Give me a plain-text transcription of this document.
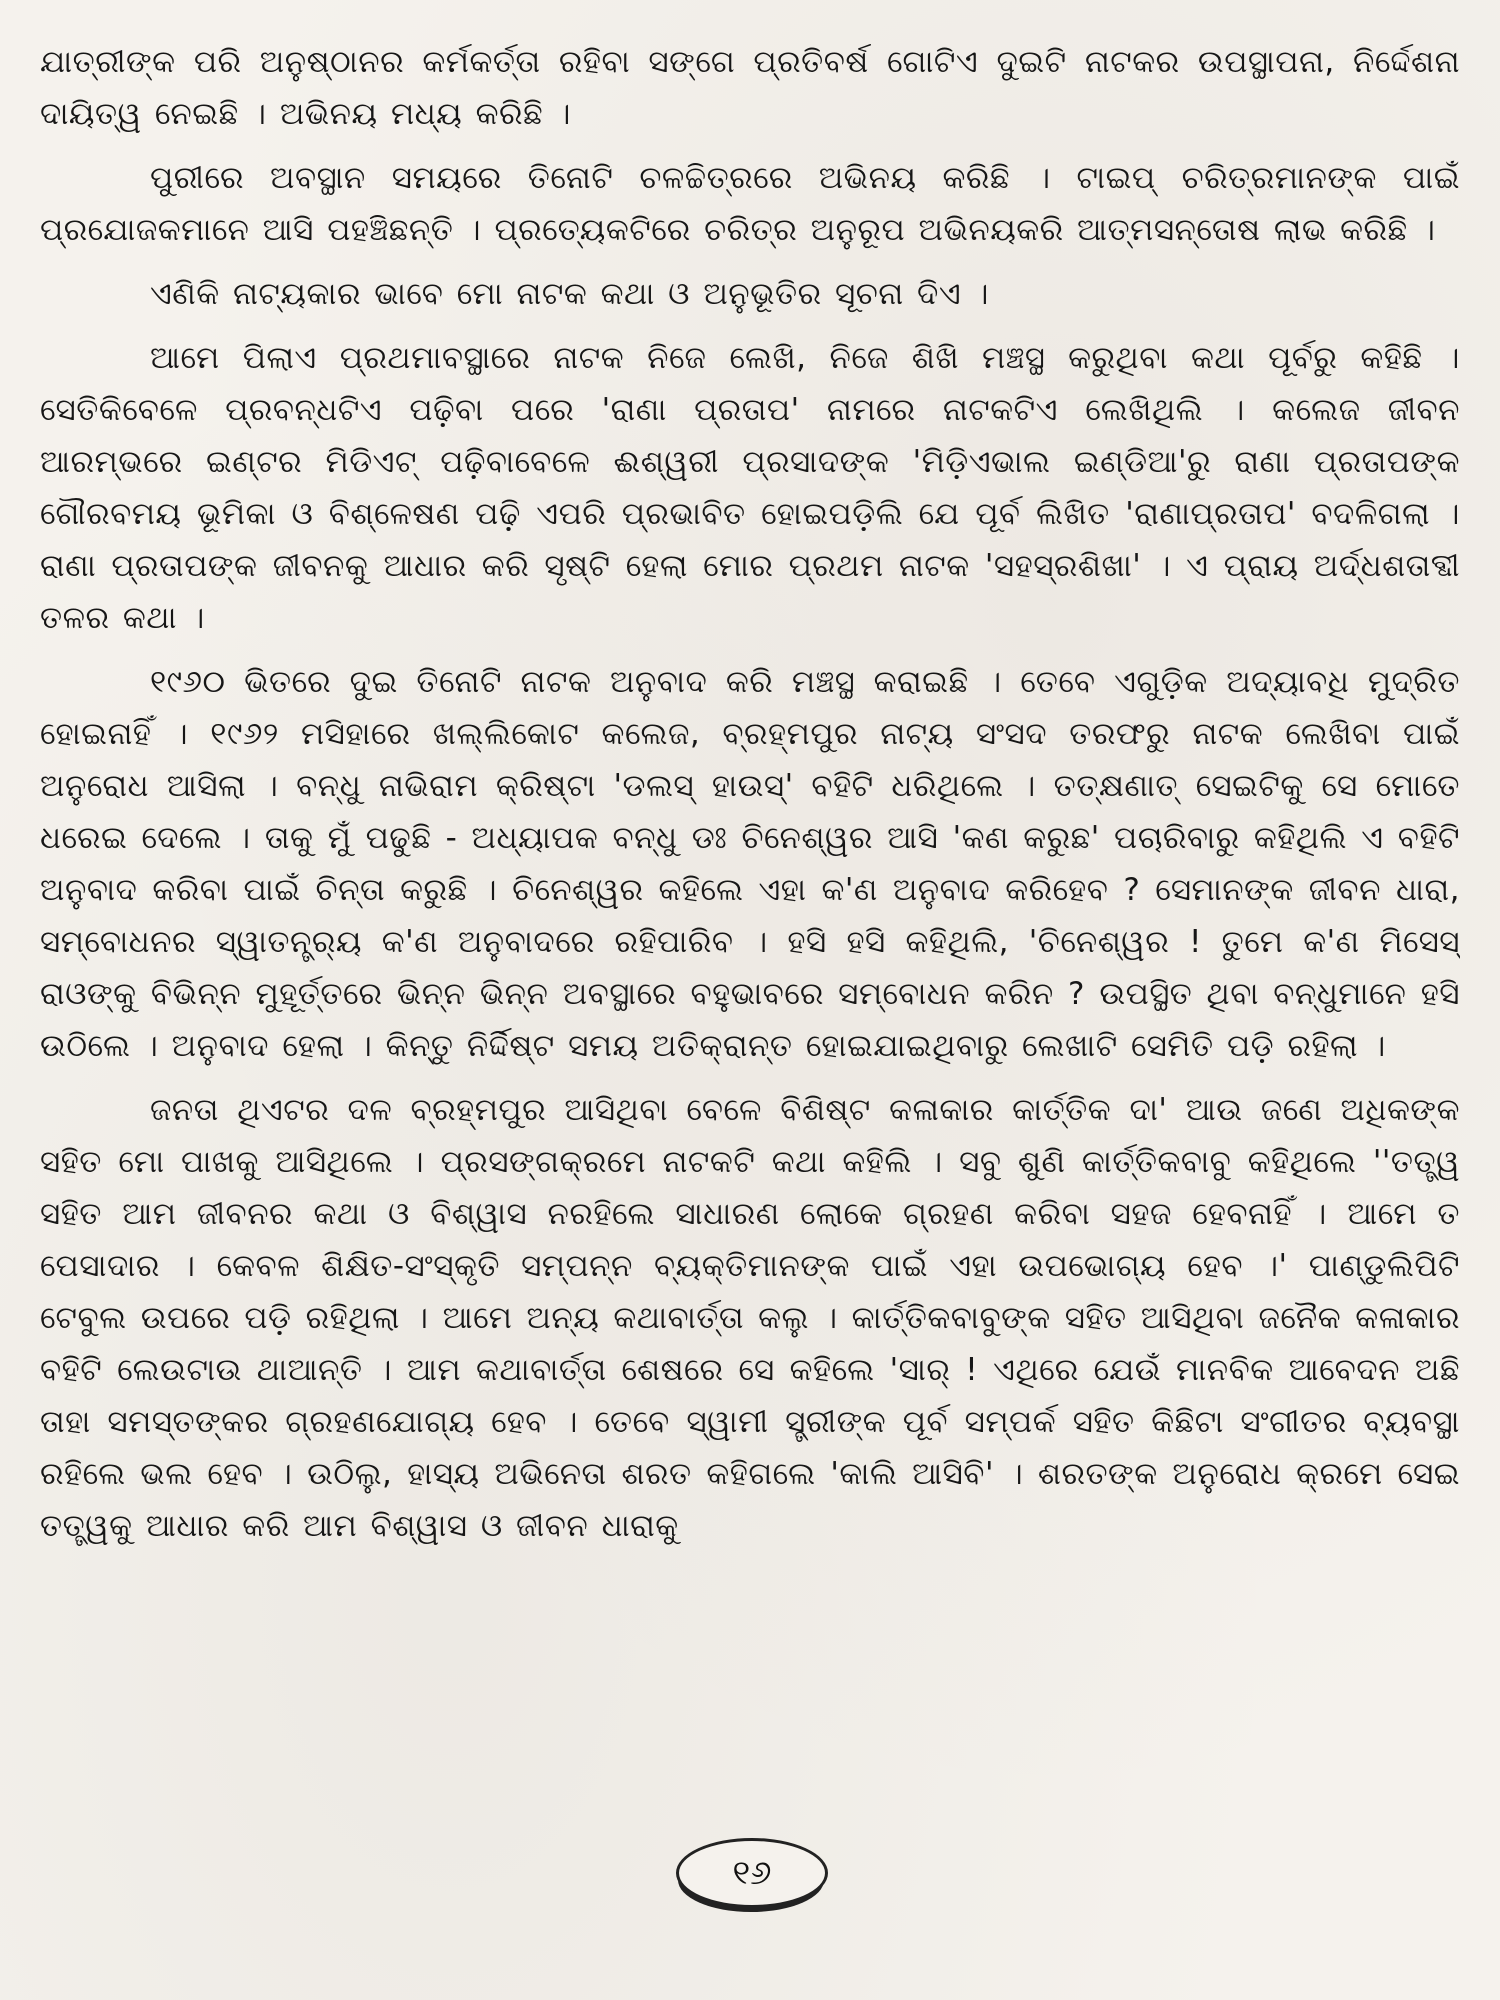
ଯାତ୍ରୀଙ୍କ ପରି ଅନୁଷ୍ଠାନର କର୍ମକର୍ତ୍ତା ରହିବା ସଙ୍ଗେ ପ୍ରତିବର୍ଷ ଗୋଟିଏ ଦୁଇଟି ନାଟକର ଉପସ୍ଥାପନା, ନିର୍ଦ୍ଦେଶନା ଦାୟିତ୍ୱ ନେଇଛି । ଅଭିନୟ ମଧ୍ୟ କରିଛି ।

ପୁରୀରେ ଅବସ୍ଥାନ ସମୟରେ ତିନୋଟି ଚଳଚ୍ଚିତ୍ରରେ ଅଭିନୟ କରିଛି । ଟାଇପ୍ ଚରିତ୍ରମାନଙ୍କ ପାଇଁ ପ୍ରଯୋଜକମାନେ ଆସି ପହଞ୍ଚିଛନ୍ତି । ପ୍ରତ୍ୟେକଟିରେ ଚରିତ୍ର ଅନୁରୂପ ଅଭିନୟକରି ଆତ୍ମସନ୍ତୋଷ ଲାଭ କରିଛି ।

ଏଣିକି ନାଟ୍ୟକାର ଭାବେ ମୋ ନାଟକ କଥା ଓ ଅନୁଭୂତିର ସୂଚନା ଦିଏ ।

ଆମେ ପିଲାଏ ପ୍ରଥମାବସ୍ଥାରେ ନାଟକ ନିଜେ ଲେଖି, ନିଜେ ଶିଖି ମଞ୍ଚସ୍ଥ କରୁଥିବା କଥା ପୂର୍ବରୁ କହିଛି । ସେତିକିବେଳେ ପ୍ରବନ୍ଧଟିଏ ପଢ଼ିବା ପରେ 'ରାଣା ପ୍ରତାପ' ନାମରେ ନାଟକଟିଏ ଲେଖିଥିଲି । କଲେଜ ଜୀବନ ଆରମ୍ଭରେ ଇଣ୍ଟର ମିଡିଏଟ୍ ପଢ଼ିବାବେଳେ ଈଶ୍ୱରୀ ପ୍ରସାଦଙ୍କ 'ମିଡ଼ିଏଭାଲ ଇଣ୍ଡିଆ'ରୁ ରାଣା ପ୍ରତାପଙ୍କ ଗୌରବମୟ ଭୂମିକା ଓ ବିଶ୍ଳେଷଣ ପଢ଼ି ଏପରି ପ୍ରଭାବିତ ହୋଇପଡ଼ିଲି ଯେ ପୂର୍ବ ଲିଖିତ 'ରାଣାପ୍ରତାପ' ବଦଳିଗଲା । ରାଣା ପ୍ରତାପଙ୍କ ଜୀବନକୁ ଆଧାର କରି ସୃଷ୍ଟି ହେଲା ମୋର ପ୍ରଥମ ନାଟକ 'ସହସ୍ରଶିଖା' । ଏ ପ୍ରାୟ ଅର୍ଦ୍ଧଶତାବ୍ଦୀ ତଳର କଥା ।

୧୯୬୦ ଭିତରେ ଦୁଇ ତିନୋଟି ନାଟକ ଅନୁବାଦ କରି ମଞ୍ଚସ୍ଥ କରାଇଛି । ତେବେ ଏଗୁଡ଼ିକ ଅଦ୍ୟାବଧି ମୁଦ୍ରିତ ହୋଇନାହିଁ । ୧୯୬୨ ମସିହାରେ ଖଲ୍ଲିକୋଟ କଲେଜ, ବ୍ରହ୍ମପୁର ନାଟ୍ୟ ସଂସଦ ତରଫରୁ ନାଟକ ଲେଖିବା ପାଇଁ ଅନୁରୋଧ ଆସିଲା । ବନ୍ଧୁ ନାଭିରାମ କ୍ରିଷ୍ଟା 'ଡଲସ୍ ହାଉସ୍' ବହିଟି ଧରିଥିଲେ । ତତ୍‌କ୍ଷଣାତ୍ ସେଇଟିକୁ ସେ ମୋତେ ଧରେଇ ଦେଲେ । ତାକୁ ମୁଁ ପଢୁଛି - ଅଧ୍ୟାପକ ବନ୍ଧୁ ଡଃ ଚିନେଶ୍ୱର ଆସି 'କଣ କରୁଛ' ପଚାରିବାରୁ କହିଥିଲି ଏ ବହିଟି ଅନୁବାଦ କରିବା ପାଇଁ ଚିନ୍ତା କରୁଛି । ଚିନେଶ୍ୱର କହିଲେ ଏହା କ'ଣ ଅନୁବାଦ କରିହେବ ? ସେମାନଙ୍କ ଜୀବନ ଧାରା, ସମ୍ବୋଧନର ସ୍ୱାତନ୍ତ୍ର୍ୟ କ'ଣ ଅନୁବାଦରେ ରହିପାରିବ । ହସି ହସି କହିଥିଲି, 'ଚିନେଶ୍ୱର ! ତୁମେ କ'ଣ ମିସେସ୍ ରାଓଙ୍କୁ ବିଭିନ୍ନ ମୁହୂର୍ତ୍ତରେ ଭିନ୍ନ ଭିନ୍ନ ଅବସ୍ଥାରେ ବହୁଭାବରେ ସମ୍ବୋଧନ କରିନ ? ଉପସ୍ଥିତ ଥିବା ବନ୍ଧୁମାନେ ହସି ଉଠିଲେ । ଅନୁବାଦ ହେଲା । କିନ୍ତୁ ନିର୍ଦ୍ଦିଷ୍ଟ ସମୟ ଅତିକ୍ରାନ୍ତ ହୋଇଯାଇଥିବାରୁ ଲେଖାଟି ସେମିତି ପଡ଼ି ରହିଲା ।

ଜନତା ଥିଏଟର ଦଳ ବ୍ରହ୍ମପୁର ଆସିଥିବା ବେଳେ ବିଶିଷ୍ଟ କଳାକାର କାର୍ତ୍ତିକ ଦା' ଆଉ ଜଣେ ଅଧିକଙ୍କ ସହିତ ମୋ ପାଖକୁ ଆସିଥିଲେ । ପ୍ରସଙ୍ଗକ୍ରମେ ନାଟକଟି କଥା କହିଲି । ସବୁ ଶୁଣି କାର୍ତ୍ତିକବାବୁ କହିଥିଲେ ''ତତ୍ତ୍ୱ ସହିତ ଆମ ଜୀବନର କଥା ଓ ବିଶ୍ୱାସ ନରହିଲେ ସାଧାରଣ ଲୋକେ ଗ୍ରହଣ କରିବା ସହଜ ହେବନାହିଁ । ଆମେ ତ ପେସାଦାର । କେବଳ ଶିକ୍ଷିତ-ସଂସ୍କୃତି ସମ୍ପନ୍ନ ବ୍ୟକ୍ତିମାନଙ୍କ ପାଇଁ ଏହା ଉପଭୋଗ୍ୟ ହେବ ।' ପାଣ୍ଡୁଲିପିଟି ଟେବୁଲ ଉପରେ ପଡ଼ି ରହିଥିଲା । ଆମେ ଅନ୍ୟ କଥାବାର୍ତ୍ତା କଲୁ । କାର୍ତ୍ତିକବାବୁଙ୍କ ସହିତ ଆସିଥିବା ଜନୈକ କଳାକାର ବହିଟି ଲେଉଟାଉ ଥାଆନ୍ତି । ଆମ କଥାବାର୍ତ୍ତା ଶେଷରେ ସେ କହିଲେ 'ସାର୍ ! ଏଥିରେ ଯେଉଁ ମାନବିକ ଆବେଦନ ଅଛି ତାହା ସମସ୍ତଙ୍କର ଗ୍ରହଣଯୋଗ୍ୟ ହେବ । ତେବେ ସ୍ୱାମୀ ସ୍ତ୍ରୀଙ୍କ ପୂର୍ବ ସମ୍ପର୍କ ସହିତ କିଛିଟା ସଂଗୀତର ବ୍ୟବସ୍ଥା ରହିଲେ ଭଲ ହେବ । ଉଠିଲୁ, ହାସ୍ୟ ଅଭିନେତା ଶରତ କହିଗଲେ 'କାଲି ଆସିବି' । ଶରତଙ୍କ ଅନୁରୋଧ କ୍ରମେ ସେଇ ତତ୍ତ୍ୱକୁ ଆଧାର କରି ଆମ ବିଶ୍ୱାସ ଓ ଜୀବନ ଧାରାକୁ

୧୬
